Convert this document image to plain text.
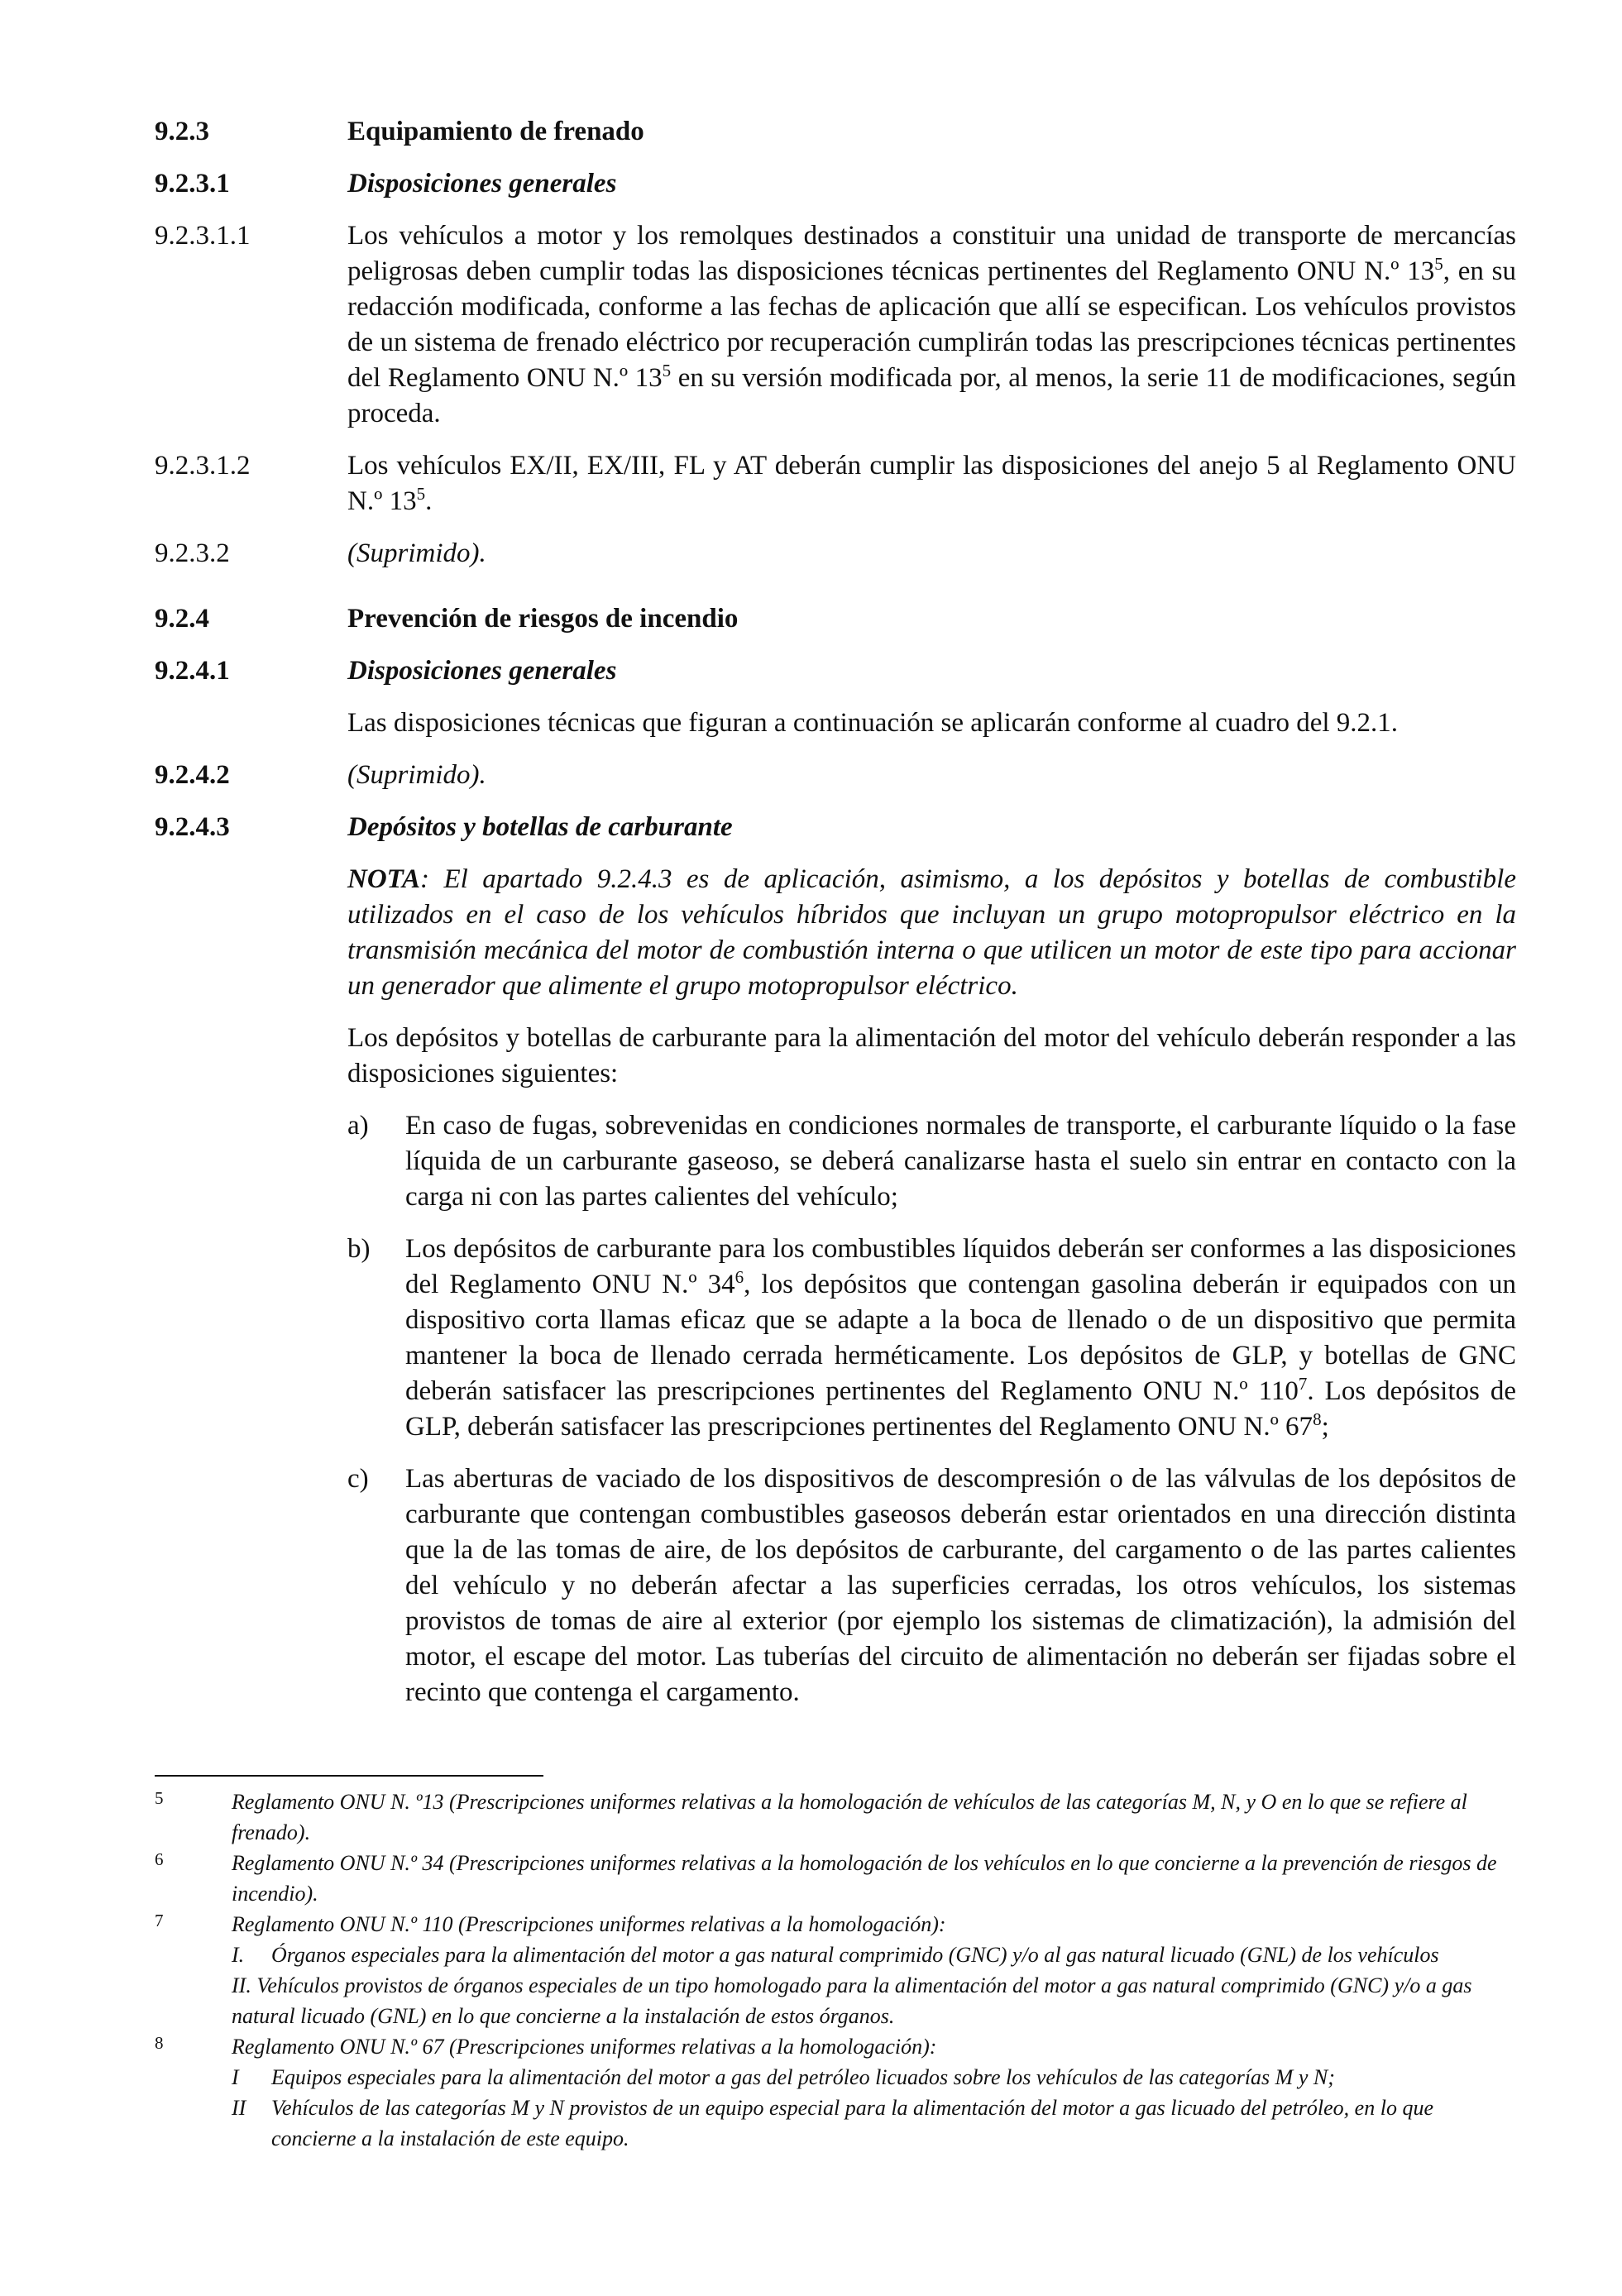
9.2.3	Equipamiento de frenado
9.2.3.1	Disposiciones generales
9.2.3.1.1	Los vehículos a motor y los remolques destinados a constituir una unidad de transporte de mercancías peligrosas deben cumplir todas las disposiciones técnicas pertinentes del Reglamento ONU N.º $13^5$, en su redacción modificada, conforme a las fechas de aplicación que allí se especifican. Los vehículos provistos de un sistema de frenado eléctrico por recuperación cumplirán todas las prescripciones técnicas pertinentes del Reglamento ONU N.º $13^5$ en su versión modificada por, al menos, la serie 11 de modificaciones, según proceda.
9.2.3.1.2	Los vehículos EX/II, EX/III, FL y AT deberán cumplir las disposiciones del anejo 5 al Reglamento ONU N.º $13^5$.
9.2.3.2	(Suprimido).
9.2.4	Prevención de riesgos de incendio
9.2.4.1	Disposiciones generales
Las disposiciones técnicas que figuran a continuación se aplicarán conforme al cuadro del 9.2.1.
9.2.4.2	(Suprimido).
9.2.4.3	Depósitos y botellas de carburante
NOTA: El apartado 9.2.4.3 es de aplicación, asimismo, a los depósitos y botellas de combustible utilizados en el caso de los vehículos híbridos que incluyan un grupo motopropulsor eléctrico en la transmisión mecánica del motor de combustión interna o que utilicen un motor de este tipo para accionar un generador que alimente el grupo motopropulsor eléctrico.
Los depósitos y botellas de carburante para la alimentación del motor del vehículo deberán responder a las disposiciones siguientes:
a)	En caso de fugas, sobrevenidas en condiciones normales de transporte, el carburante líquido o la fase líquida de un carburante gaseoso, se deberá canalizarse hasta el suelo sin entrar en contacto con la carga ni con las partes calientes del vehículo;
b)	Los depósitos de carburante para los combustibles líquidos deberán ser conformes a las disposiciones del Reglamento ONU N.º $34^6$, los depósitos que contengan gasolina deberán ir equipados con un dispositivo corta llamas eficaz que se adapte a la boca de llenado o de un dispositivo que permita mantener la boca de llenado cerrada herméticamente. Los depósitos de GLP, y botellas de GNC deberán satisfacer las prescripciones pertinentes del Reglamento ONU N.º $110^7$. Los depósitos de GLP, deberán satisfacer las prescripciones pertinentes del Reglamento ONU N.º $67^8$;
c)	Las aberturas de vaciado de los dispositivos de descompresión o de las válvulas de los depósitos de carburante que contengan combustibles gaseosos deberán estar orientados en una dirección distinta que la de las tomas de aire, de los depósitos de carburante, del cargamento o de las partes calientes del vehículo y no deberán afectar a las superficies cerradas, los otros vehículos, los sistemas provistos de tomas de aire al exterior (por ejemplo los sistemas de climatización), la admisión del motor, el escape del motor. Las tuberías del circuito de alimentación no deberán ser fijadas sobre el recinto que contenga el cargamento.
5	Reglamento ONU N. º13 (Prescripciones uniformes relativas a la homologación de vehículos de las categorías M, N, y O en lo que se refiere al frenado).
6	Reglamento ONU N.º 34 (Prescripciones uniformes relativas a la homologación de los vehículos en lo que concierne a la prevención de riesgos de incendio).
7	Reglamento ONU N.º 110 (Prescripciones uniformes relativas a la homologación):
I.	Órganos especiales para la alimentación del motor a gas natural comprimido (GNC) y/o al gas natural licuado (GNL) de los vehículos
II. Vehículos provistos de órganos especiales de un tipo homologado para la alimentación del motor a gas natural comprimido (GNC) y/o a gas natural licuado (GNL) en lo que concierne a la instalación de estos órganos.
8	Reglamento ONU N.º 67 (Prescripciones uniformes relativas a la homologación):
I	Equipos especiales para la alimentación del motor a gas del petróleo licuados sobre los vehículos de las categorías M y N;
II	Vehículos de las categorías M y N provistos de un equipo especial para la alimentación del motor a gas licuado del petróleo, en lo que concierne a la instalación de este equipo.
